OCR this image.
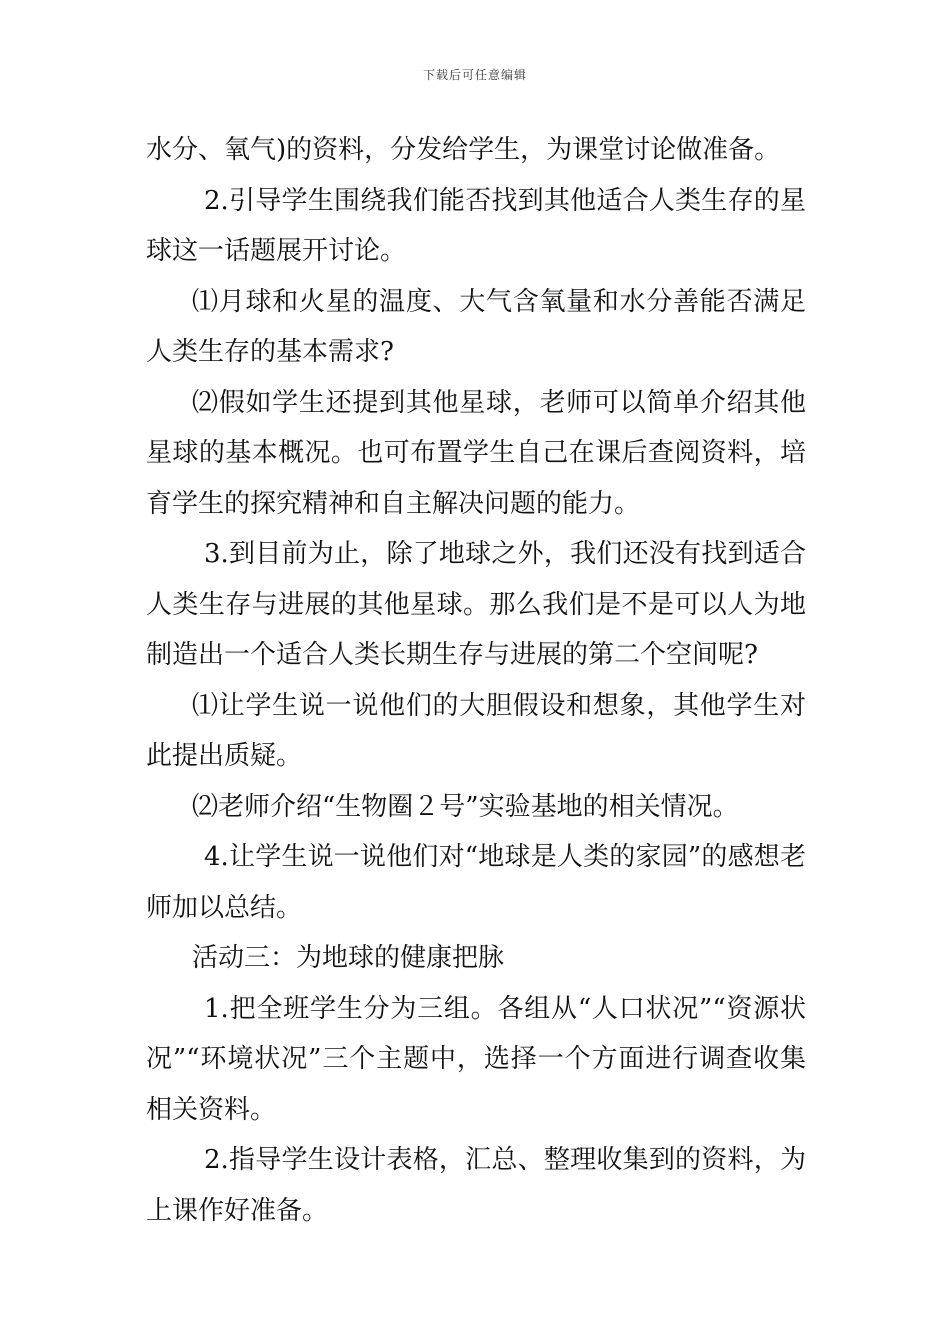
下载后可任意编辑

水分、氧气)的资料，分发给学生，为课堂讨论做准备。

2.引导学生围绕我们能否找到其他适合人类生存的星球这一话题展开讨论。

⑴月球和火星的温度、大气含氧量和水分善能否满足人类生存的基本需求?

⑵假如学生还提到其他星球，老师可以简单介绍其他星球的基本概况。也可布置学生自己在课后查阅资料，培育学生的探究精神和自主解决问题的能力。

3.到目前为止，除了地球之外，我们还没有找到适合人类生存与进展的其他星球。那么我们是不是可以人为地制造出一个适合人类长期生存与进展的第二个空间呢?

⑴让学生说一说他们的大胆假设和想象，其他学生对此提出质疑。

⑵老师介绍“生物圈２号”实验基地的相关情况。

4.让学生说一说他们对“地球是人类的家园”的感想老师加以总结。

活动三：为地球的健康把脉

1.把全班学生分为三组。各组从“人口状况”“资源状况”“环境状况”三个主题中，选择一个方面进行调查收集相关资料。

2.指导学生设计表格，汇总、整理收集到的资料，为上课作好准备。
